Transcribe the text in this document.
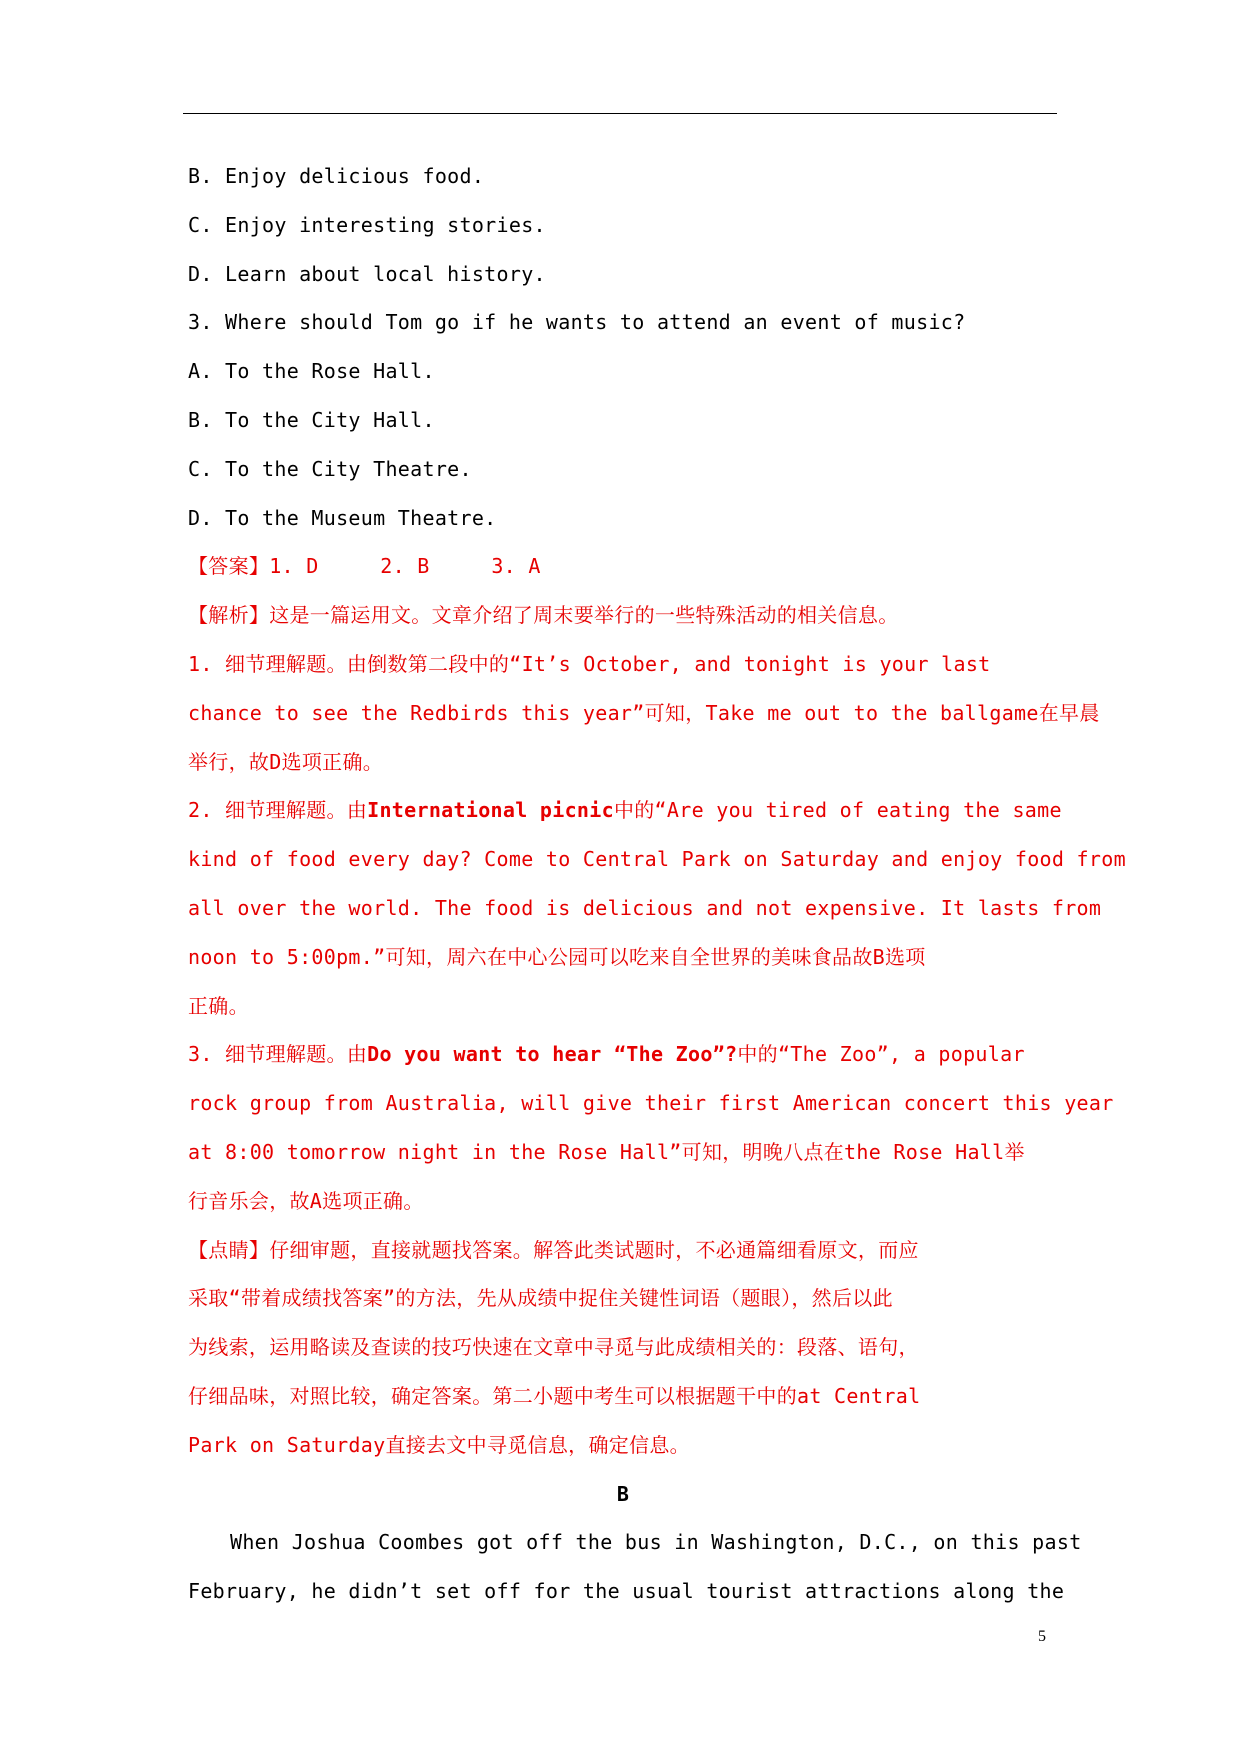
B. Enjoy delicious food.
C. Enjoy interesting stories.
D. Learn about local history.
3. Where should Tom go if he wants to attend an event of music?
A. To the Rose Hall.
B. To the City Hall.
C. To the City Theatre.
D. To the Museum Theatre.
【答案】1. D     2. B     3. A
【解析】这是一篇运用文。文章介绍了周末要举行的一些特殊活动的相关信息。
1. 细节理解题。由倒数第二段中的“It’s October, and tonight is your last
chance to see the Redbirds this year”可知，Take me out to the ballgame在早晨
举行，故D选项正确。
2. 细节理解题。由International picnic中的“Are you tired of eating the same
kind of food every day? Come to Central Park on Saturday and enjoy food from
all over the world. The food is delicious and not expensive. It lasts from
noon to 5:00pm.”可知，周六在中心公园可以吃来自全世界的美味食品故B选项
正确。
3. 细节理解题。由Do you want to hear “The Zoo”?中的“The Zoo”, a popular
rock group from Australia, will give their first American concert this year
at 8:00 tomorrow night in the Rose Hall”可知，明晚八点在the Rose Hall举
行音乐会，故A选项正确。
【点睛】仔细审题，直接就题找答案。解答此类试题时，不必通篇细看原文，而应
采取“带着成绩找答案”的方法，先从成绩中捉住关键性词语（题眼），然后以此
为线索，运用略读及查读的技巧快速在文章中寻觅与此成绩相关的：段落、语句，
仔细品味，对照比较，确定答案。第二小题中考生可以根据题干中的at Central
Park on Saturday直接去文中寻觅信息，确定信息。
B
When Joshua Coombes got off the bus in Washington, D.C., on this past
February, he didn’t set off for the usual tourist attractions along the
5
